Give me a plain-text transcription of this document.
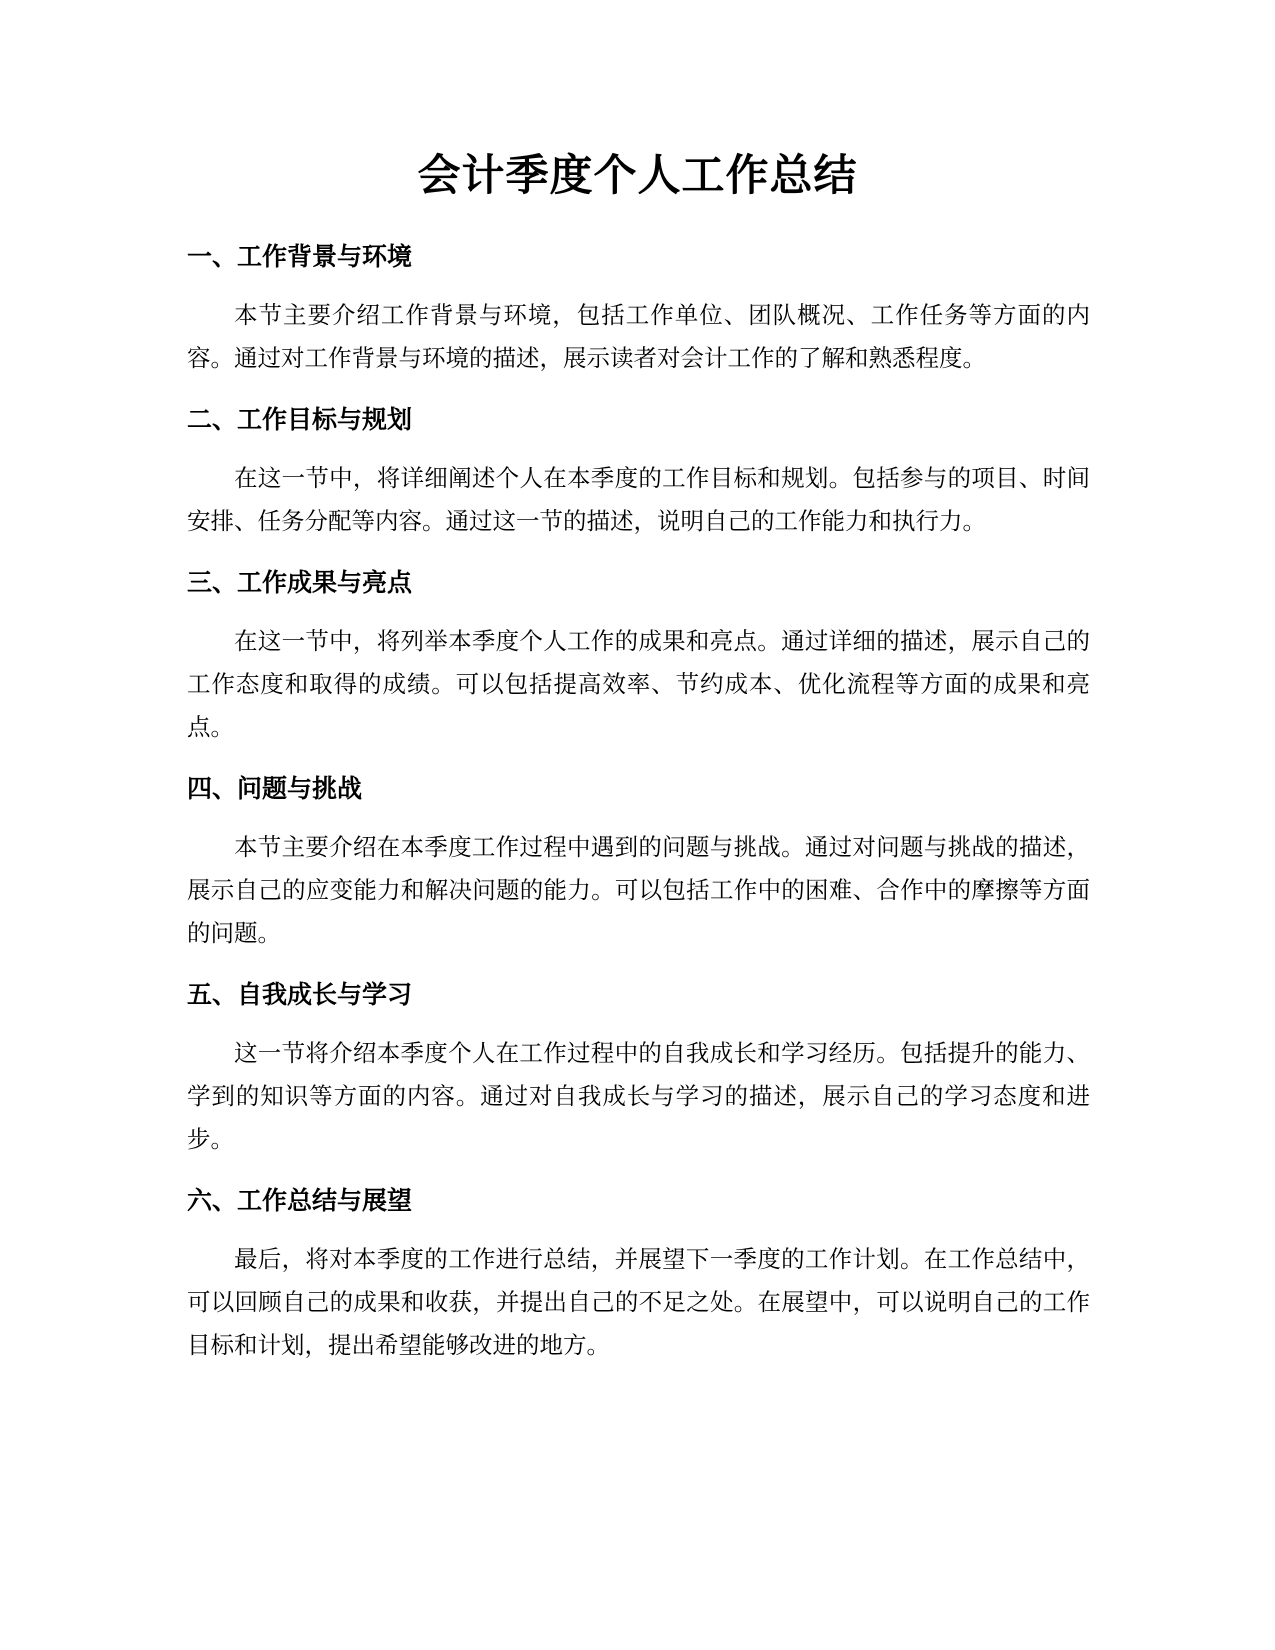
会计季度个人工作总结
一、工作背景与环境

本节主要介绍工作背景与环境，包括工作单位、团队概况、工作任务等方面的内容。通过对工作背景与环境的描述，展示读者对会计工作的了解和熟悉程度。

二、工作目标与规划

在这一节中，将详细阐述个人在本季度的工作目标和规划。包括参与的项目、时间安排、任务分配等内容。通过这一节的描述，说明自己的工作能力和执行力。

三、工作成果与亮点

在这一节中，将列举本季度个人工作的成果和亮点。通过详细的描述，展示自己的工作态度和取得的成绩。可以包括提高效率、节约成本、优化流程等方面的成果和亮点。

四、问题与挑战

本节主要介绍在本季度工作过程中遇到的问题与挑战。通过对问题与挑战的描述，展示自己的应变能力和解决问题的能力。可以包括工作中的困难、合作中的摩擦等方面的问题。

五、自我成长与学习

这一节将介绍本季度个人在工作过程中的自我成长和学习经历。包括提升的能力、学到的知识等方面的内容。通过对自我成长与学习的描述，展示自己的学习态度和进步。

六、工作总结与展望

最后，将对本季度的工作进行总结，并展望下一季度的工作计划。在工作总结中，可以回顾自己的成果和收获，并提出自己的不足之处。在展望中，可以说明自己的工作目标和计划，提出希望能够改进的地方。
